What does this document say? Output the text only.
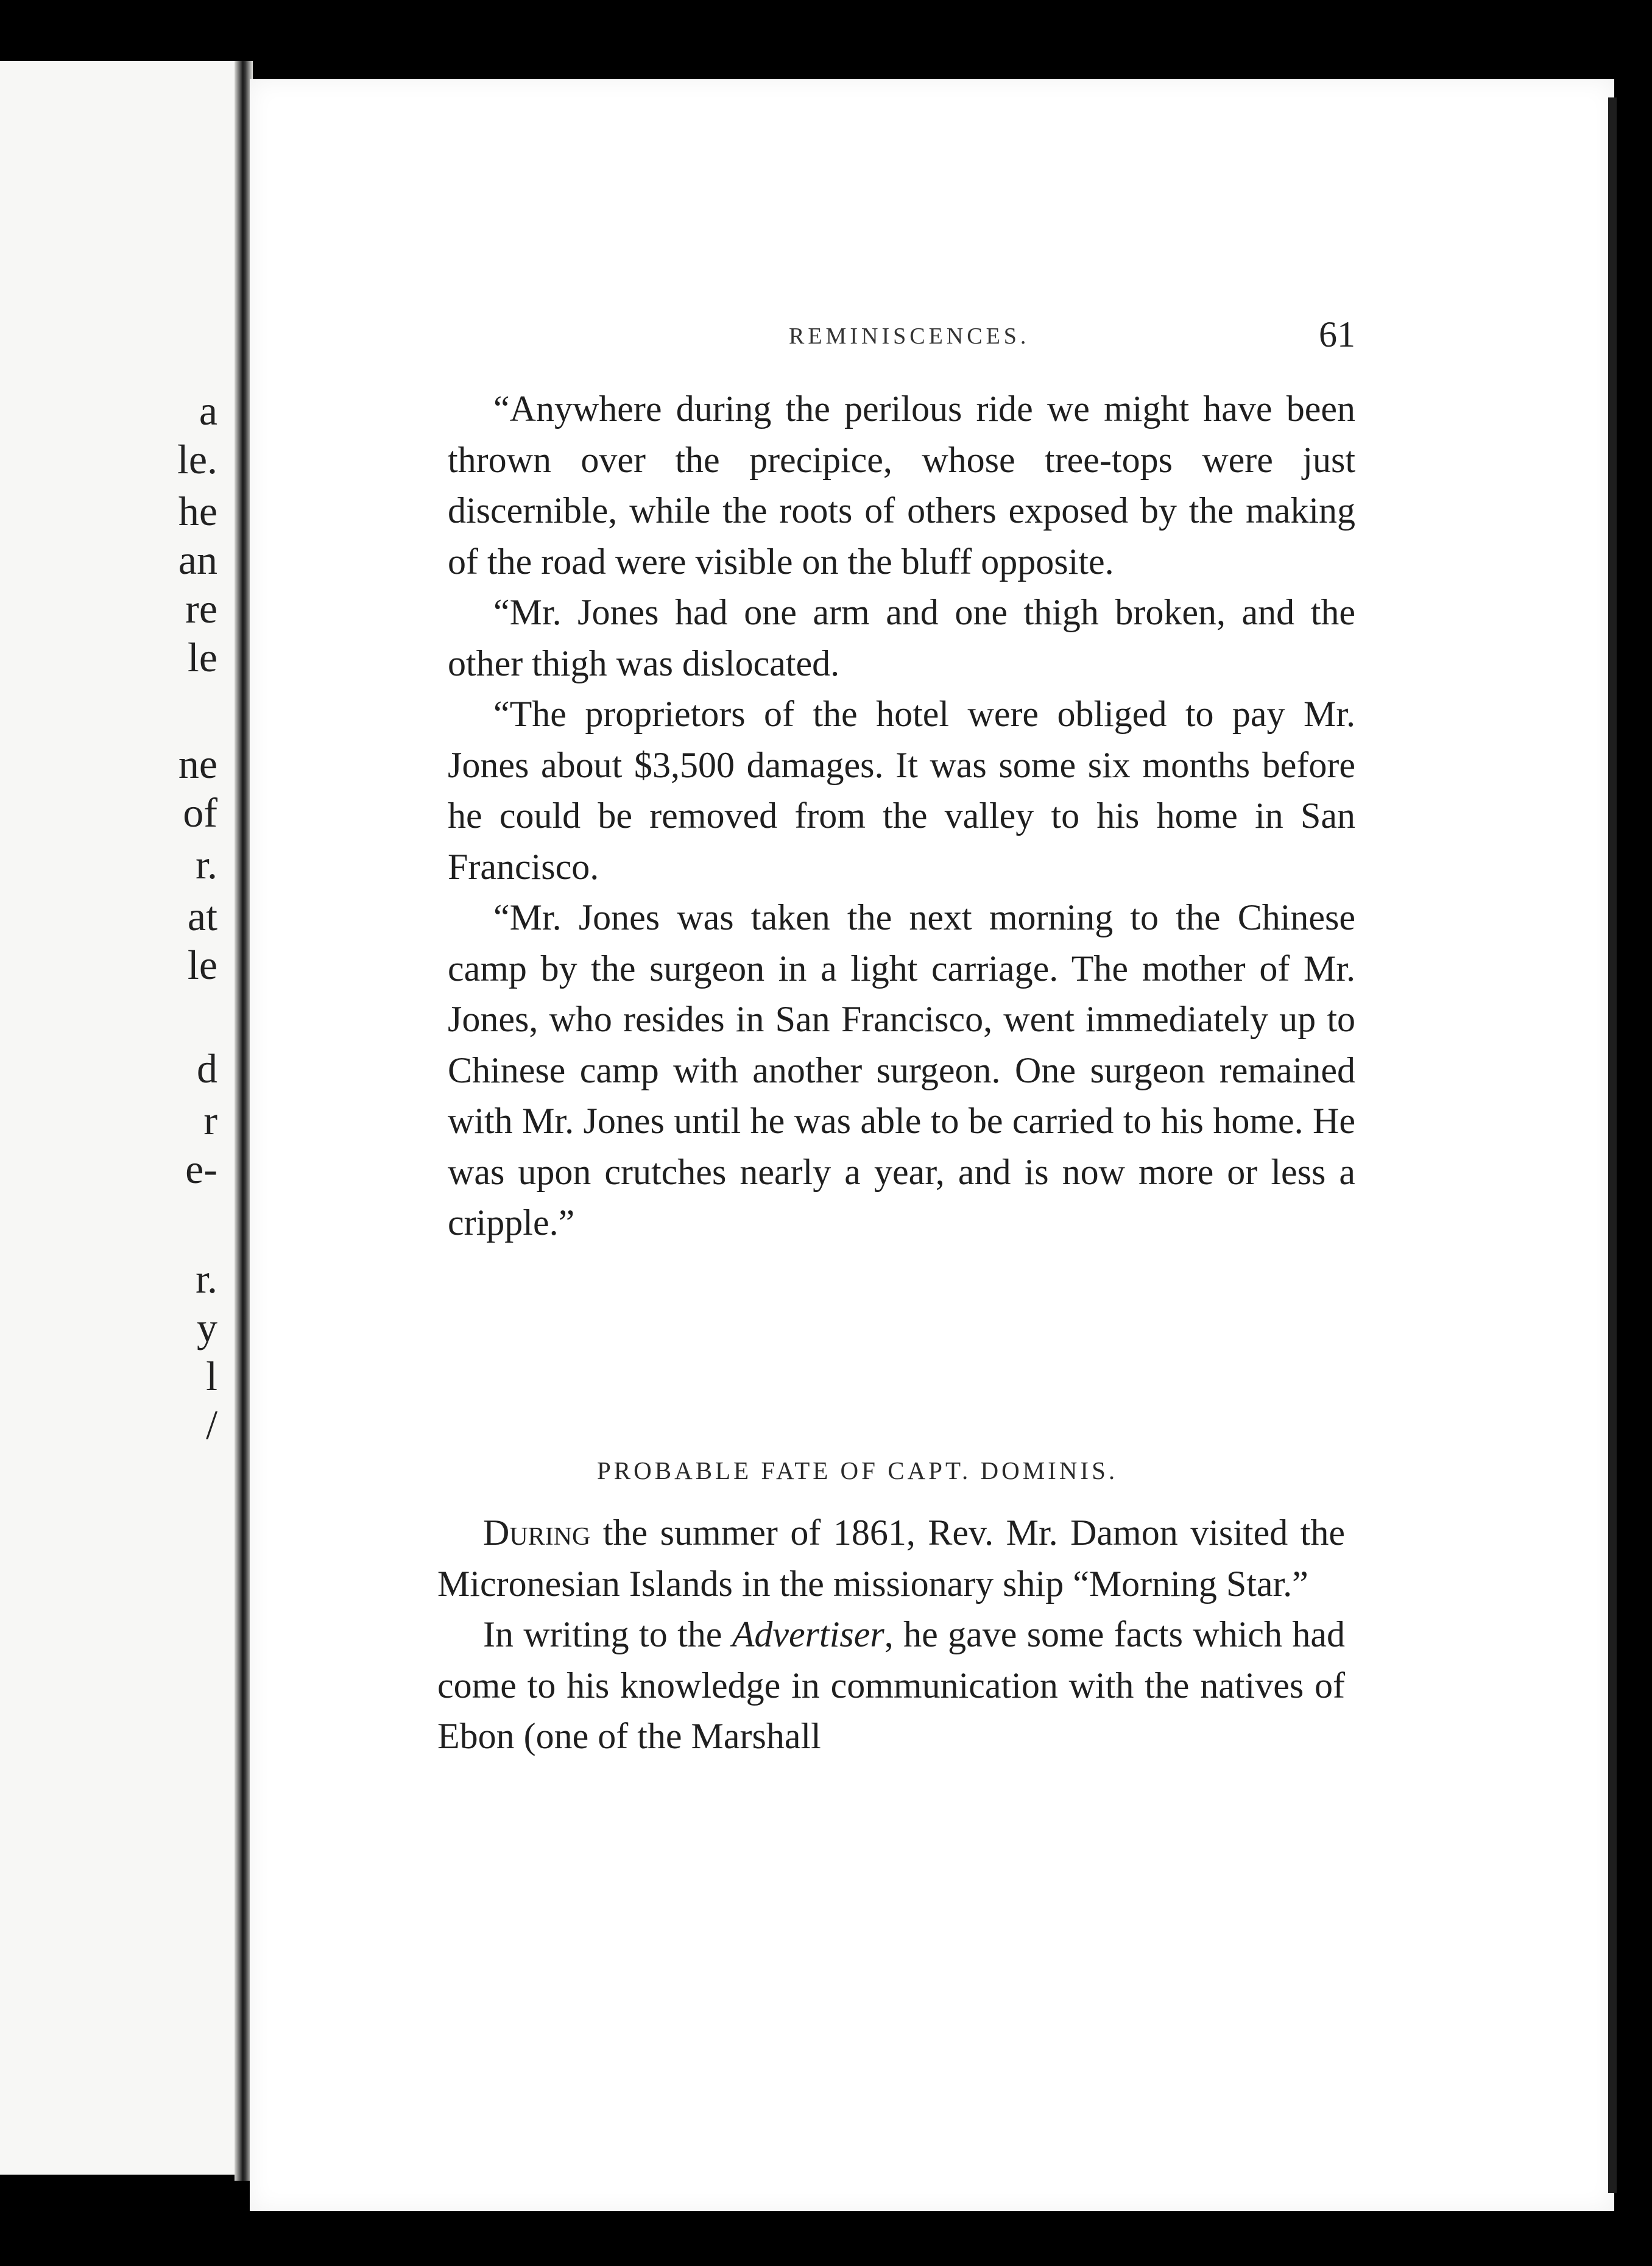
a
le.
he
an
re
le
ne
of
r.
at
le
d
r
e-
r.
y
l
/
REMINISCENCES.	61

“Anywhere during the perilous ride we might have been thrown over the precipice, whose tree-tops were just discernible, while the roots of others exposed by the making of the road were visible on the bluff opposite.

“Mr. Jones had one arm and one thigh broken, and the other thigh was dislocated.

“The proprietors of the hotel were obliged to pay Mr. Jones about $3,500 damages. It was some six months before he could be removed from the valley to his home in San Francisco.

“Mr. Jones was taken the next morning to the Chinese camp by the surgeon in a light carriage. The mother of Mr. Jones, who resides in San Francisco, went immediately up to Chinese camp with another surgeon. One surgeon remained with Mr. Jones until he was able to be carried to his home. He was upon crutches nearly a year, and is now more or less a cripple.”

PROBABLE FATE OF CAPT. DOMINIS.

During the summer of 1861, Rev. Mr. Damon visited the Micronesian Islands in the missionary ship “Morning Star.”

In writing to the Advertiser, he gave some facts which had come to his knowledge in communication with the natives of Ebon (one of the Marshall
